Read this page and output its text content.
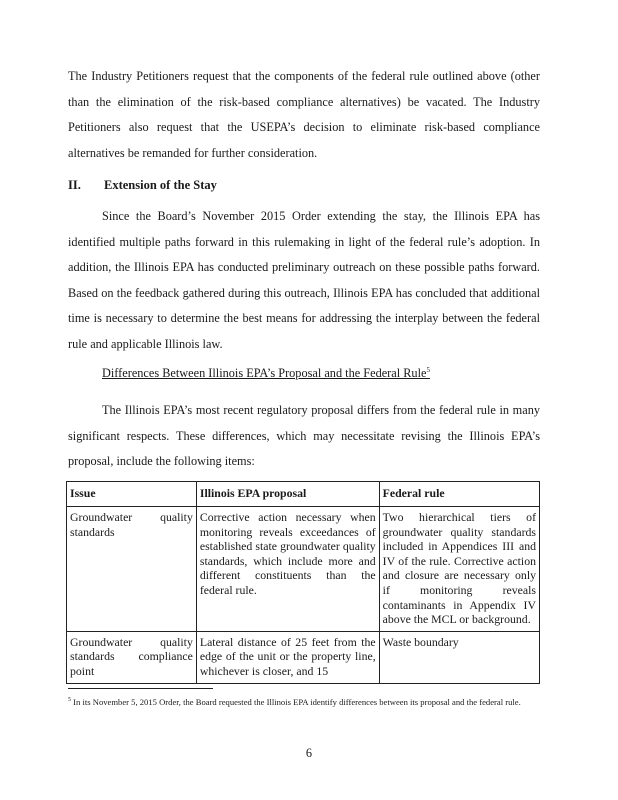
The Industry Petitioners request that the components of the federal rule outlined above (other than the elimination of the risk-based compliance alternatives) be vacated. The Industry Petitioners also request that the USEPA’s decision to eliminate risk-based compliance alternatives be remanded for further consideration.

II. Extension of the Stay

Since the Board’s November 2015 Order extending the stay, the Illinois EPA has identified multiple paths forward in this rulemaking in light of the federal rule’s adoption. In addition, the Illinois EPA has conducted preliminary outreach on these possible paths forward. Based on the feedback gathered during this outreach, Illinois EPA has concluded that additional time is necessary to determine the best means for addressing the interplay between the federal rule and applicable Illinois law.

Differences Between Illinois EPA’s Proposal and the Federal Rule$^5$

The Illinois EPA’s most recent regulatory proposal differs from the federal rule in many significant respects. These differences, which may necessitate revising the Illinois EPA’s proposal, include the following items:

Issue	Illinois EPA proposal	Federal rule
Groundwater quality standards	Corrective action necessary when monitoring reveals exceedances of established state groundwater quality standards, which include more and different constituents than the federal rule.	Two hierarchical tiers of groundwater quality standards included in Appendices III and IV of the rule. Corrective action and closure are necessary only if monitoring reveals contaminants in Appendix IV above the MCL or background.
Groundwater quality standards compliance point	Lateral distance of 25 feet from the edge of the unit or the property line, whichever is closer, and 15	Waste boundary

$^5$ In its November 5, 2015 Order, the Board requested the Illinois EPA identify differences between its proposal and the federal rule.

6
